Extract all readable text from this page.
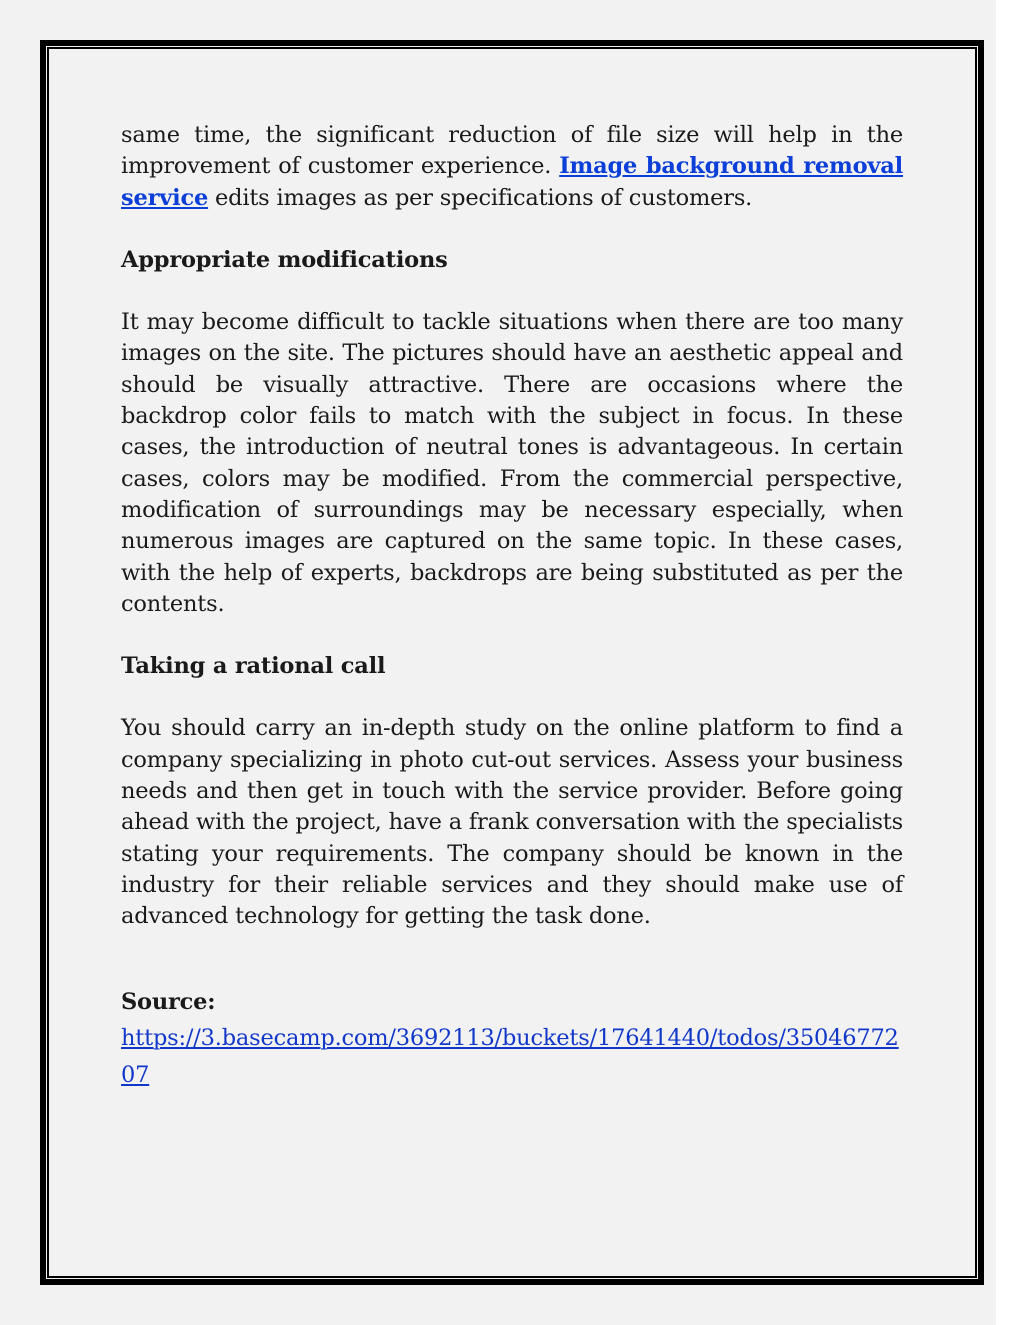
same time, the significant reduction of file size will help in the improvement of customer experience. Image background removal service edits images as per specifications of customers.

Appropriate modifications

It may become difficult to tackle situations when there are too many images on the site. The pictures should have an aesthetic appeal and should be visually attractive. There are occasions where the backdrop color fails to match with the subject in focus. In these cases, the introduction of neutral tones is advantageous. In certain cases, colors may be modified. From the commercial perspective, modification of surroundings may be necessary especially, when numerous images are captured on the same topic. In these cases, with the help of experts, backdrops are being substituted as per the contents.

Taking a rational call

You should carry an in-depth study on the online platform to find a company specializing in photo cut-out services. Assess your business needs and then get in touch with the service provider. Before going ahead with the project, have a frank conversation with the specialists stating your requirements. The company should be known in the industry for their reliable services and they should make use of advanced technology for getting the task done.

Source:

https://3.basecamp.com/3692113/buckets/17641440/todos/3504677207
